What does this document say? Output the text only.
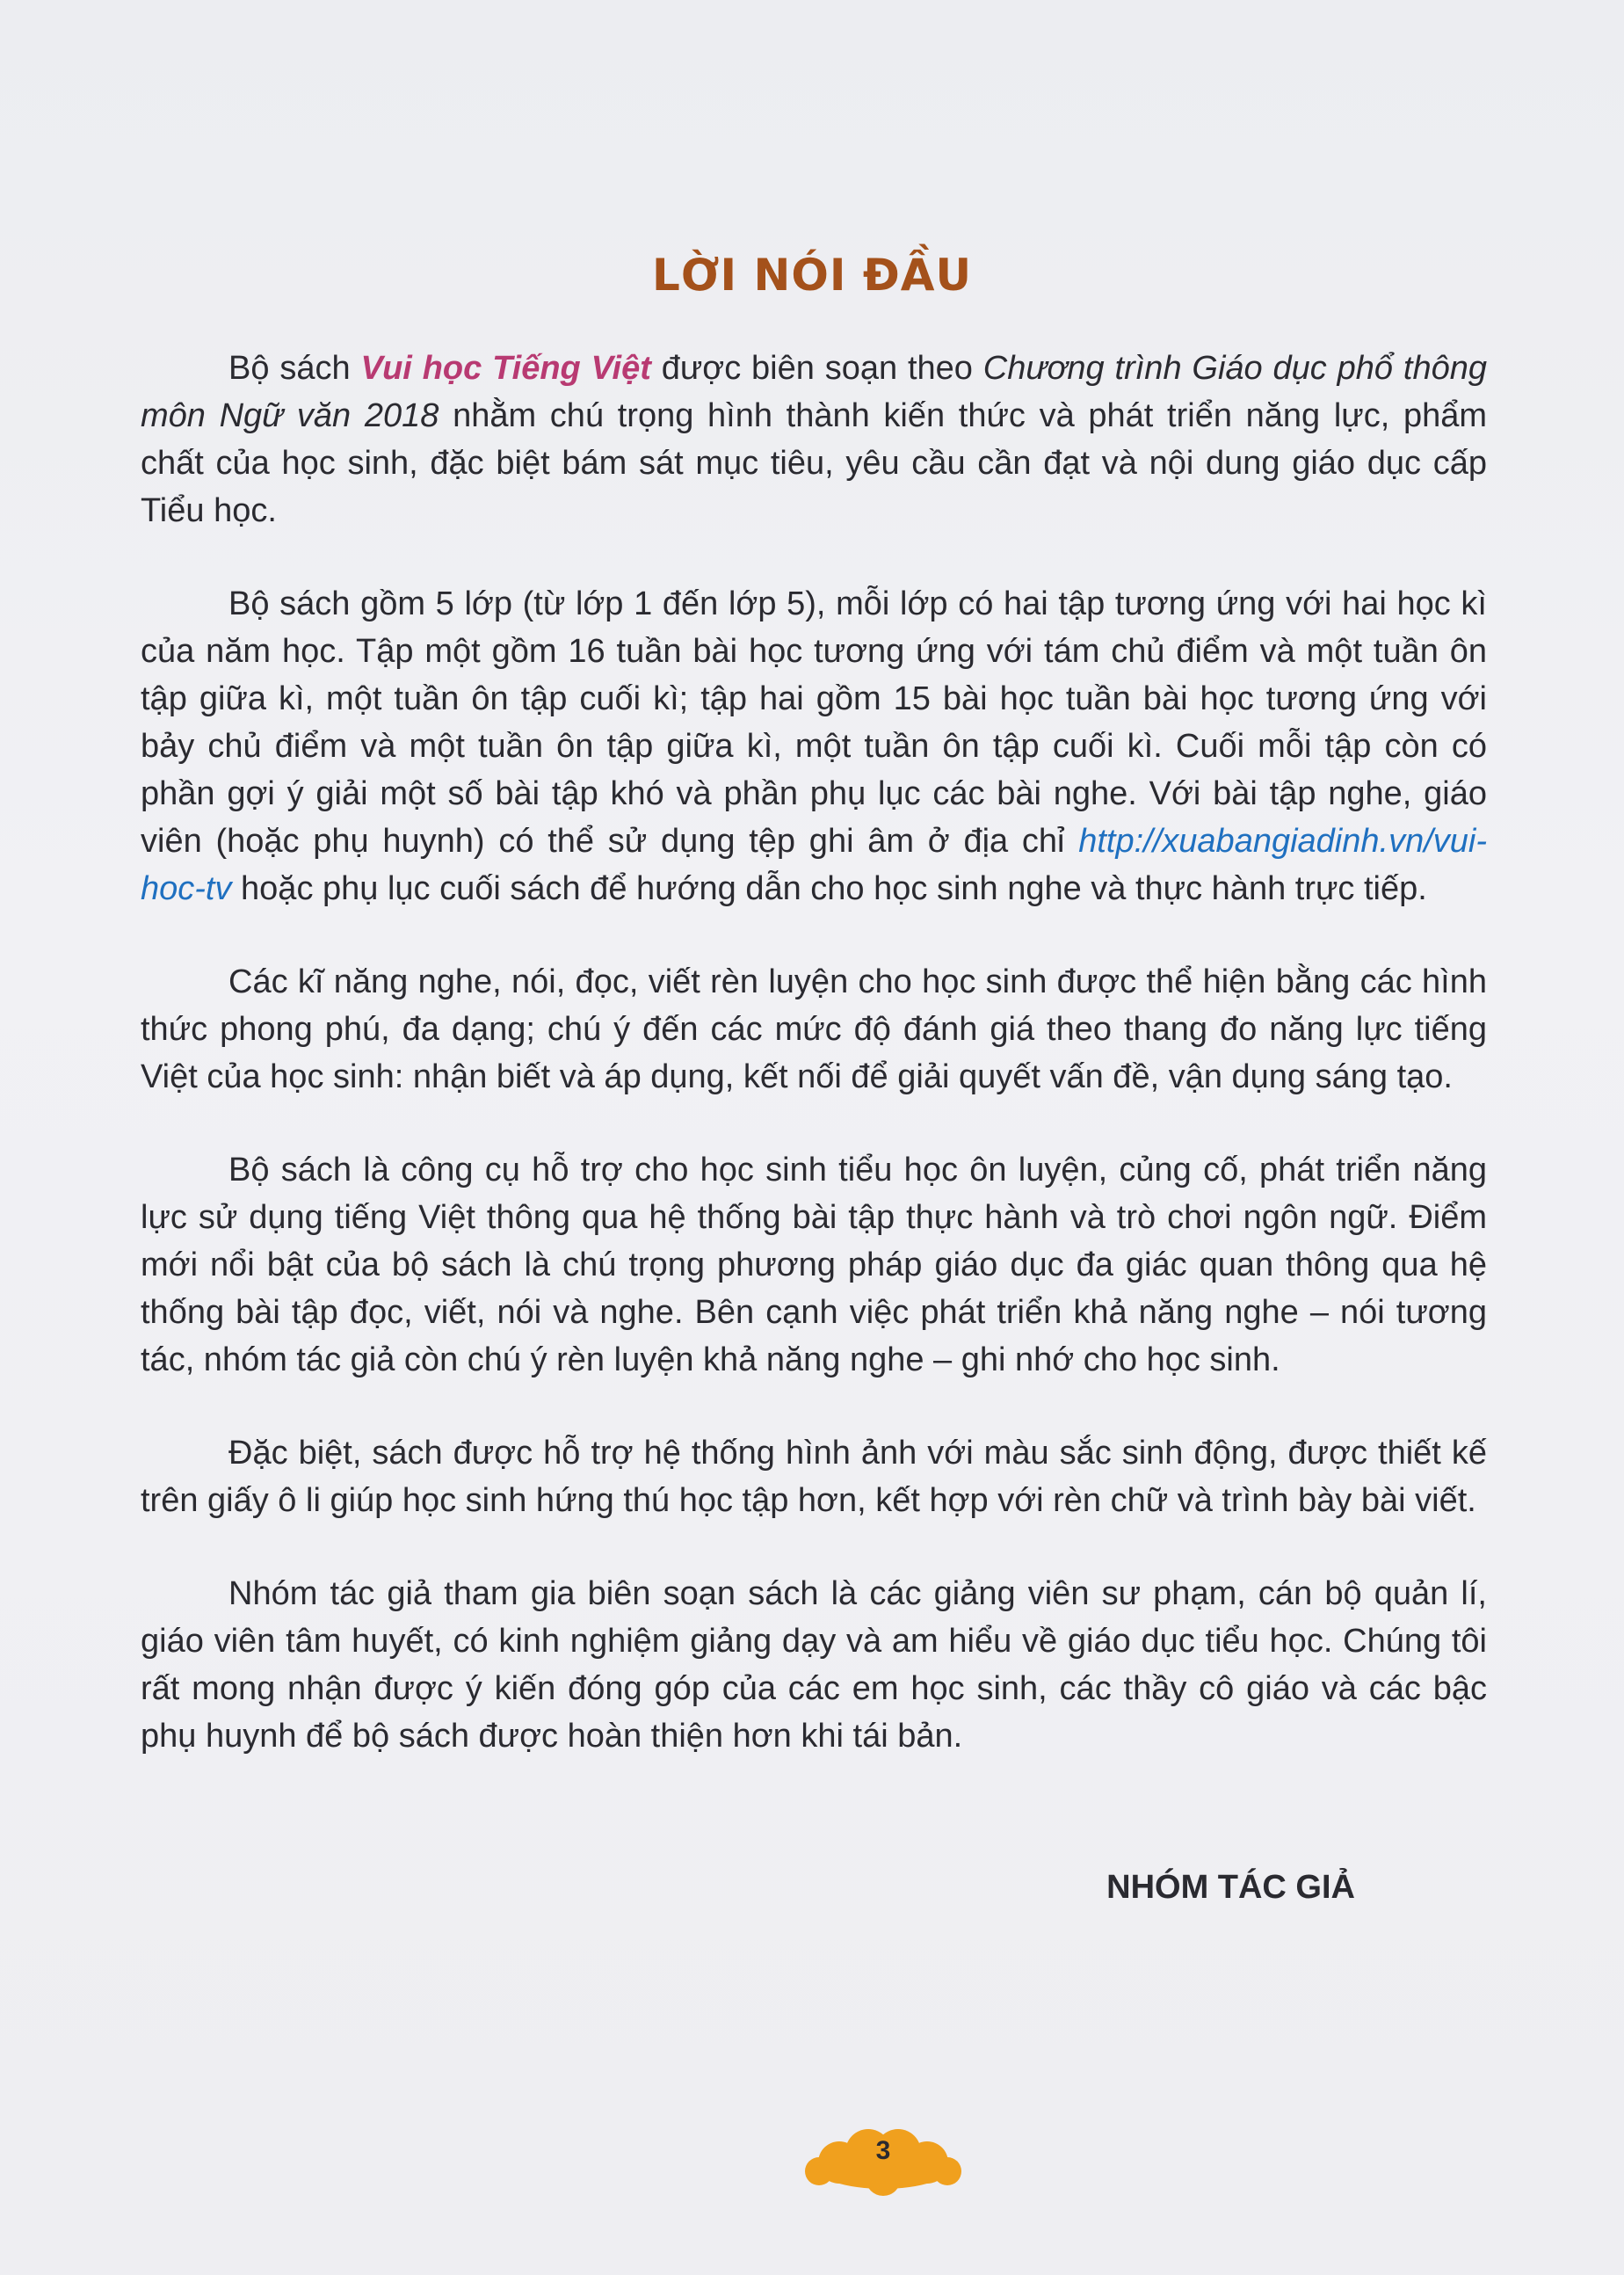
LỜI NÓI ĐẦU

Bộ sách Vui học Tiếng Việt được biên soạn theo Chương trình Giáo dục phổ thông môn Ngữ văn 2018 nhằm chú trọng hình thành kiến thức và phát triển năng lực, phẩm chất của học sinh, đặc biệt bám sát mục tiêu, yêu cầu cần đạt và nội dung giáo dục cấp Tiểu học.

Bộ sách gồm 5 lớp (từ lớp 1 đến lớp 5), mỗi lớp có hai tập tương ứng với hai học kì của năm học. Tập một gồm 16 tuần bài học tương ứng với tám chủ điểm và một tuần ôn tập giữa kì, một tuần ôn tập cuối kì; tập hai gồm 15 bài học tuần bài học tương ứng với bảy chủ điểm và một tuần ôn tập giữa kì, một tuần ôn tập cuối kì. Cuối mỗi tập còn có phần gợi ý giải một số bài tập khó và phần phụ lục các bài nghe. Với bài tập nghe, giáo viên (hoặc phụ huynh) có thể sử dụng tệp ghi âm ở địa chỉ http://xuabangiadinh.vn/vui-hoc-tv hoặc phụ lục cuối sách để hướng dẫn cho học sinh nghe và thực hành trực tiếp.

Các kĩ năng nghe, nói, đọc, viết rèn luyện cho học sinh được thể hiện bằng các hình thức phong phú, đa dạng; chú ý đến các mức độ đánh giá theo thang đo năng lực tiếng Việt của học sinh: nhận biết và áp dụng, kết nối để giải quyết vấn đề, vận dụng sáng tạo.

Bộ sách là công cụ hỗ trợ cho học sinh tiểu học ôn luyện, củng cố, phát triển năng lực sử dụng tiếng Việt thông qua hệ thống bài tập thực hành và trò chơi ngôn ngữ. Điểm mới nổi bật của bộ sách là chú trọng phương pháp giáo dục đa giác quan thông qua hệ thống bài tập đọc, viết, nói và nghe. Bên cạnh việc phát triển khả năng nghe – nói tương tác, nhóm tác giả còn chú ý rèn luyện khả năng nghe – ghi nhớ cho học sinh.

Đặc biệt, sách được hỗ trợ hệ thống hình ảnh với màu sắc sinh động, được thiết kế trên giấy ô li giúp học sinh hứng thú học tập hơn, kết hợp với rèn chữ và trình bày bài viết.

Nhóm tác giả tham gia biên soạn sách là các giảng viên sư phạm, cán bộ quản lí, giáo viên tâm huyết, có kinh nghiệm giảng dạy và am hiểu về giáo dục tiểu học. Chúng tôi rất mong nhận được ý kiến đóng góp của các em học sinh, các thầy cô giáo và các bậc phụ huynh để bộ sách được hoàn thiện hơn khi tái bản.

NHÓM TÁC GIẢ
3
